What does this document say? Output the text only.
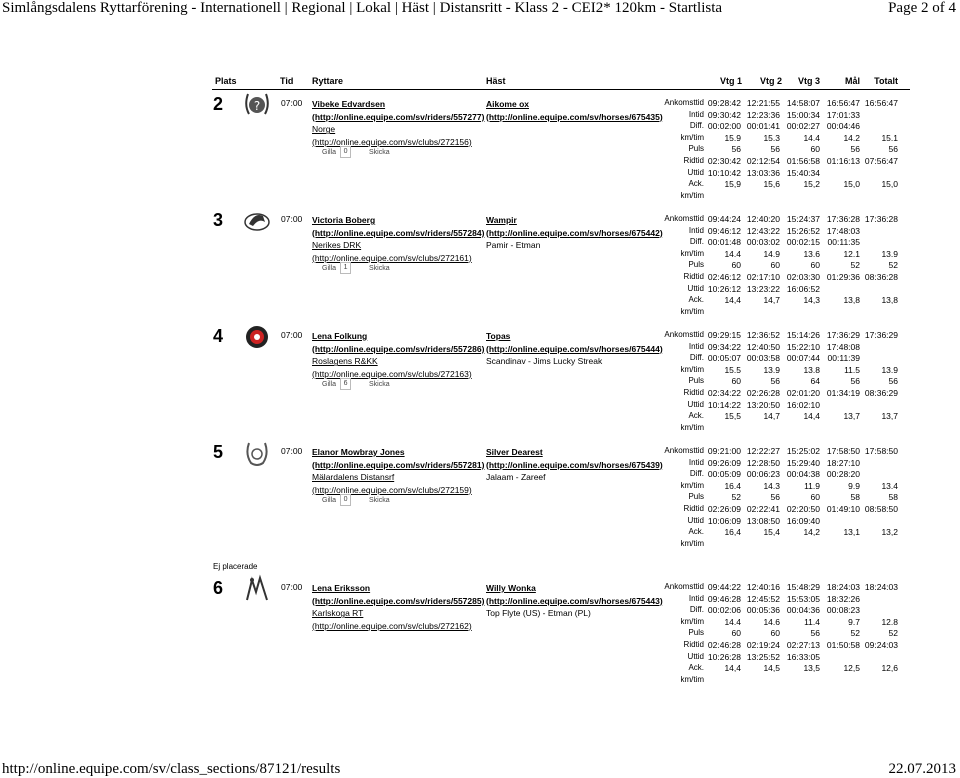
Simlångsdalens Ryttarförening - Internationell | Regional | Lokal | Häst | Distansritt - Klass 2 - CEI2* 120km - Startlista	Page 2 of 4
Plats	Tid Ryttare	Häst	Vtg 1 Vtg 2 Vtg 3	Mål	Totalt
2	? 07:00 Vibeke Edvardsen
(http://online.equipe.com/sv/riders/557277)
Norge
(http://online.equipe.com/sv/clubs/272156)
Gilla	0	Skicka
Aikome ox
(http://online.equipe.com/sv/horses/675435)
Ankomsttid 09:28:42 12:21:55 14:58:07 16:56:47 16:56:47
Intid 09:30:42 12:23:36 15:00:34 17:01:33
Diff. 00:02:00 00:01:41 00:02:27 00:04:46
km/tim	15.9	15.3	14.4	14.2	15.1
Puls	56	56	60	56	56
Ridtid 02:30:42 02:12:54 01:56:58 01:16:13 07:56:47
Uttid 10:10:42 13:03:36 15:40:34
Ack.	15,9	15,6	15,2	15,0	15,0
km/tim
3	07:00 Victoria Boberg
(http://online.equipe.com/sv/riders/557284)
Nerikes DRK
(http://online.equipe.com/sv/clubs/272161)
Gilla	1	Skicka
Wampir
(http://online.equipe.com/sv/horses/675442)
Pamir - Etman
Ankomsttid 09:44:24 12:40:20 15:24:37 17:36:28 17:36:28
Intid 09:46:12 12:43:22 15:26:52 17:48:03
Diff. 00:01:48 00:03:02 00:02:15 00:11:35
km/tim	14.4	14.9	13.6	12.1	13.9
Puls	60	60	60	52	52
Ridtid 02:46:12 02:17:10 02:03:30 01:29:36 08:36:28
Uttid 10:26:12 13:23:22 16:06:52
Ack.	14,4	14,7	14,3	13,8	13,8
km/tim
4	07:00 Lena Folkung
(http://online.equipe.com/sv/riders/557286)
Roslagens R&KK
(http://online.equipe.com/sv/clubs/272163)
Gilla	6	Skicka
Topas
(http://online.equipe.com/sv/horses/675444)
Scandinav - Jims Lucky Streak
Ankomsttid 09:29:15 12:36:52 15:14:26 17:36:29 17:36:29
Intid 09:34:22 12:40:50 15:22:10 17:48:08
Diff. 00:05:07 00:03:58 00:07:44 00:11:39
km/tim	15.5	13.9	13.8	11.5	13.9
Puls	60	56	64	56	56
Ridtid 02:34:22 02:26:28 02:01:20 01:34:19 08:36:29
Uttid 10:14:22 13:20:50 16:02:10
Ack.	15,5	14,7	14,4	13,7	13,7
km/tim
5	07:00 Elanor Mowbray Jones
(http://online.equipe.com/sv/riders/557281)
Mälardalens Distansrf
(http://online.equipe.com/sv/clubs/272159)
Gilla	0	Skicka
Silver Dearest
(http://online.equipe.com/sv/horses/675439)
Jalaam - Zareef
Ankomsttid 09:21:00 12:22:27 15:25:02 17:58:50 17:58:50
Intid 09:26:09 12:28:50 15:29:40 18:27:10
Diff. 00:05:09 00:06:23 00:04:38 00:28:20
km/tim	16.4	14.3	11.9	9.9	13.4
Puls	52	56	60	58	58
Ridtid 02:26:09 02:22:41 02:20:50 01:49:10 08:58:50
Uttid 10:06:09 13:08:50 16:09:40
Ack.	16,4	15,4	14,2	13,1	13,2
km/tim
6	07:00 Lena Eriksson
(http://online.equipe.com/sv/riders/557285)
Karlskoga RT
(http://online.equipe.com/sv/clubs/272162)
Willy Wonka
(http://online.equipe.com/sv/horses/675443)
Top Flyte (US) - Etman (PL)
Ankomsttid 09:44:22 12:40:16 15:48:29 18:24:03 18:24:03
Intid 09:46:28 12:45:52 15:53:05 18:32:26
Diff. 00:02:06 00:05:36 00:04:36 00:08:23
km/tim	14.4	14.6	11.4	9.7	12.8
Puls	60	60	56	52	52
Ridtid 02:46:28 02:19:24 02:27:13 01:50:58 09:24:03
Uttid 10:26:28 13:25:52 16:33:05
Ack.	14,4	14,5	13,5	12,5	12,6
km/tim
Ej placerade
http://online.equipe.com/sv/class_sections/87121/results	22.07.2013
